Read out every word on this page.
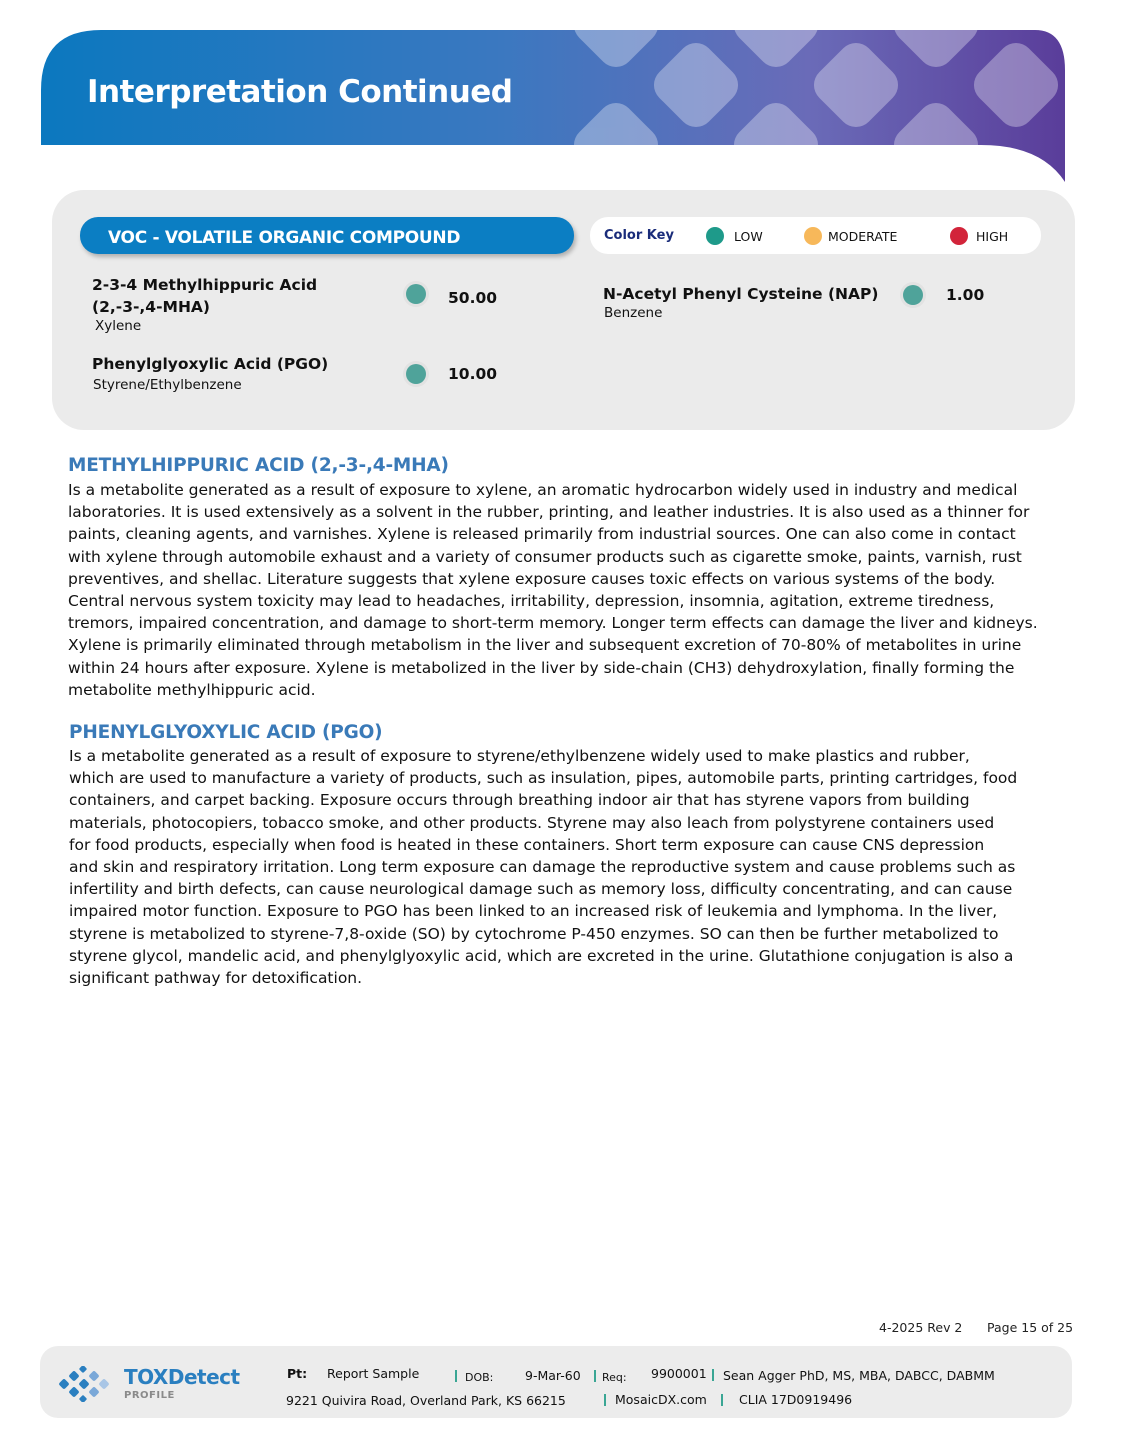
Interpretation Continued
VOC - VOLATILE ORGANIC COMPOUND	Color Key	LOW	MODERATE	HIGH
2-3-4 Methylhippuric Acid
(2,-3-,4-MHA)
Xylene
50.00
Phenylglyoxylic Acid (PGO)
Styrene/Ethylbenzene
10.00
N-Acetyl Phenyl Cysteine (NAP)
Benzene
1.00
METHYLHIPPURIC ACID (2,-3-,4-MHA)
Is a metabolite generated as a result of exposure to xylene, an aromatic hydrocarbon widely used in industry and medical
laboratories. It is used extensively as a solvent in the rubber, printing, and leather industries. It is also used as a thinner for
paints, cleaning agents, and varnishes. Xylene is released primarily from industrial sources. One can also come in contact
with xylene through automobile exhaust and a variety of consumer products such as cigarette smoke, paints, varnish, rust
preventives, and shellac. Literature suggests that xylene exposure causes toxic effects on various systems of the body.
Central nervous system toxicity may lead to headaches, irritability, depression, insomnia, agitation, extreme tiredness,
tremors, impaired concentration, and damage to short-term memory. Longer term effects can damage the liver and kidneys.
Xylene is primarily eliminated through metabolism in the liver and subsequent excretion of 70-80% of metabolites in urine
within 24 hours after exposure. Xylene is metabolized in the liver by side-chain (CH3) dehydroxylation, finally forming the
metabolite methylhippuric acid.
PHENYLGLYOXYLIC ACID (PGO)
Is a metabolite generated as a result of exposure to styrene/ethylbenzene widely used to make plastics and rubber,
which are used to manufacture a variety of products, such as insulation, pipes, automobile parts, printing cartridges, food
containers, and carpet backing. Exposure occurs through breathing indoor air that has styrene vapors from building
materials, photocopiers, tobacco smoke, and other products. Styrene may also leach from polystyrene containers used
for food products, especially when food is heated in these containers. Short term exposure can cause CNS depression
and skin and respiratory irritation. Long term exposure can damage the reproductive system and cause problems such as
infertility and birth defects, can cause neurological damage such as memory loss, difficulty concentrating, and can cause
impaired motor function. Exposure to PGO has been linked to an increased risk of leukemia and lymphoma. In the liver,
styrene is metabolized to styrene-7,8-oxide (SO) by cytochrome P-450 enzymes. SO can then be further metabolized to
styrene glycol, mandelic acid, and phenylglyoxylic acid, which are excreted in the urine. Glutathione conjugation is also a
significant pathway for detoxification.
4-2025 Rev 2 Page 15 of 25
TOXDetect
PROFILE
Pt: Report Sample	DOB:	9-Mar-60 Req: 9900001 Sean Agger PhD, MS, MBA, DABCC, DABMM
9221 Quivira Road, Overland Park, KS 66215	MosaicDX.com	CLIA 17D0919496
